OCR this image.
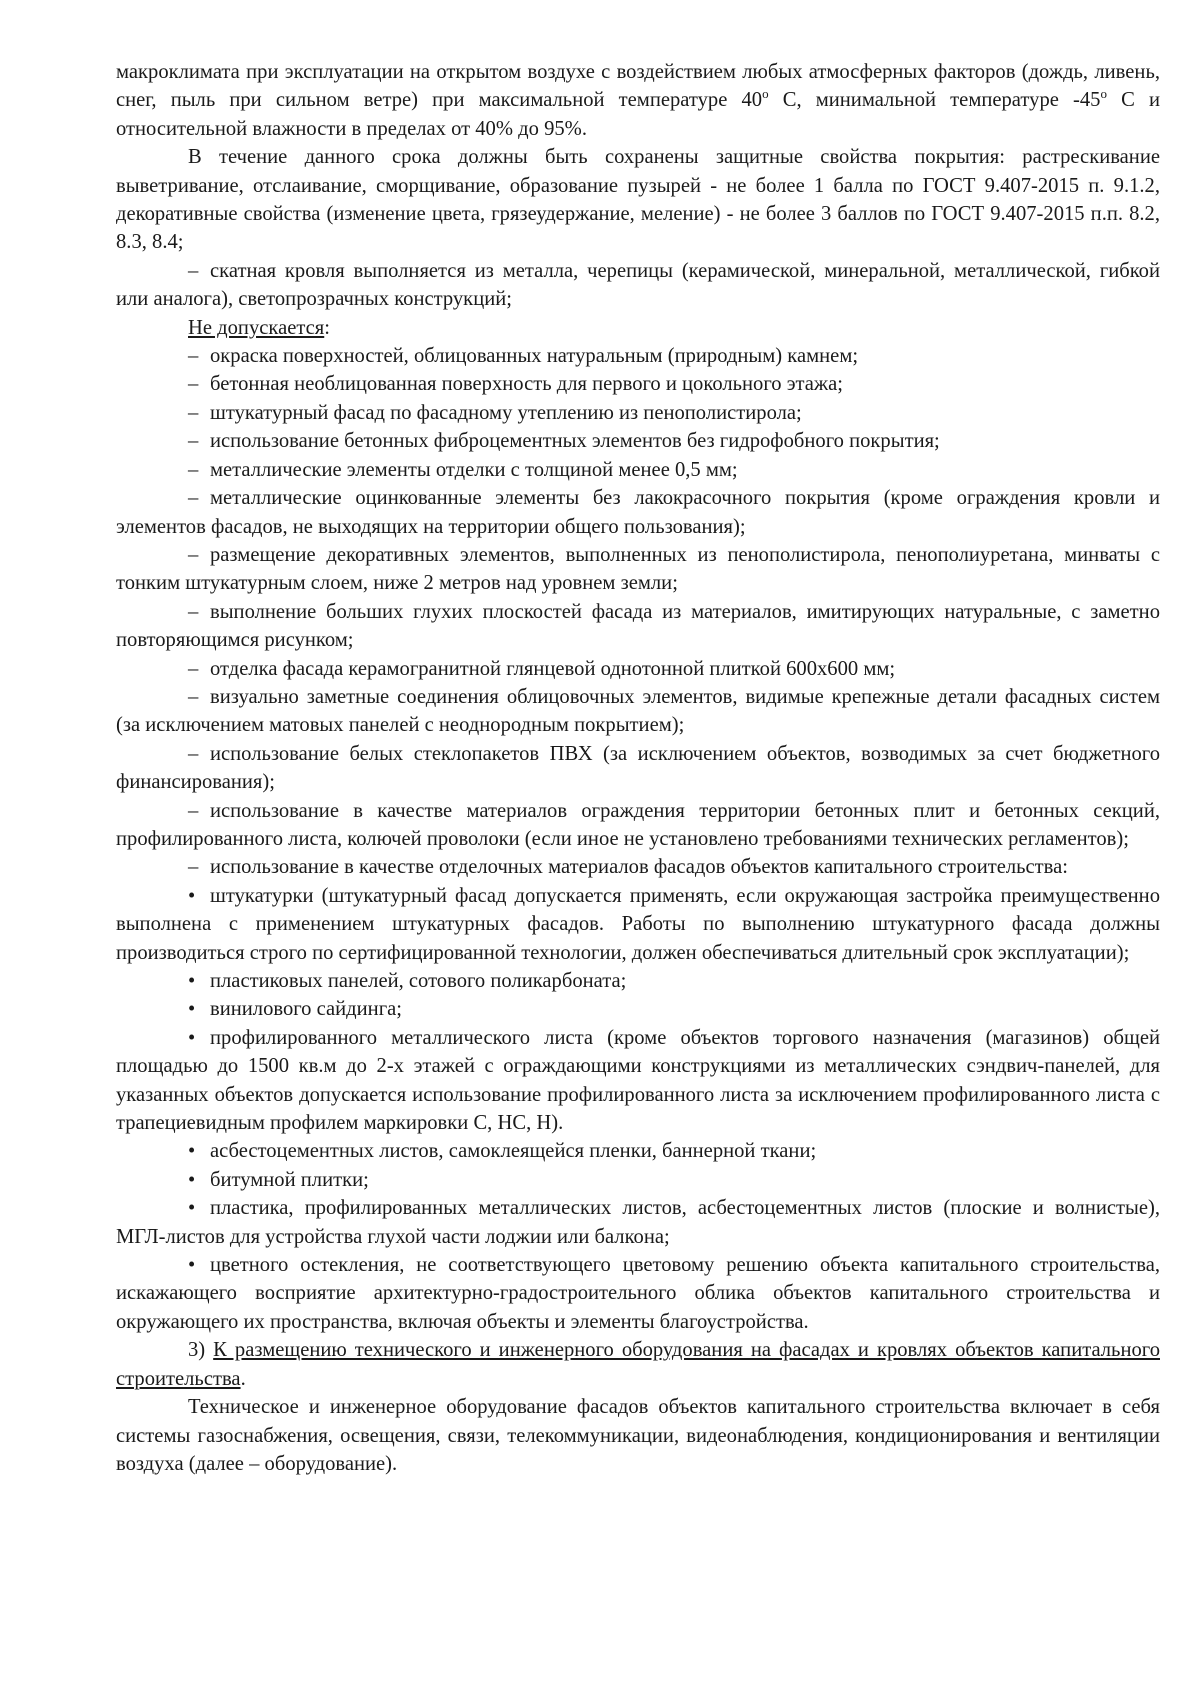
макроклимата при эксплуатации на открытом воздухе с воздействием любых атмосферных факторов (дождь, ливень, снег, пыль при сильном ветре) при максимальной температуре $40^о$ С, минимальной температуре $-45^о$ С и относительной влажности в пределах от 40% до 95%.

В течение данного срока должны быть сохранены защитные свойства покрытия: растрескивание выветривание, отслаивание, сморщивание, образование пузырей - не более 1 балла по ГОСТ 9.407-2015 п. 9.1.2, декоративные свойства (изменение цвета, грязеудержание, меление) - не более 3 баллов по ГОСТ 9.407-2015 п.п. 8.2, 8.3, 8.4;

– скатная кровля выполняется из металла, черепицы (керамической, минеральной, металлической, гибкой или аналога), светопрозрачных конструкций;

Не допускается:

– окраска поверхностей, облицованных натуральным (природным) камнем;

– бетонная необлицованная поверхность для первого и цокольного этажа;

– штукатурный фасад по фасадному утеплению из пенополистирола;

– использование бетонных фиброцементных элементов без гидрофобного покрытия;

– металлические элементы отделки с толщиной менее 0,5 мм;

– металлические оцинкованные элементы без лакокрасочного покрытия (кроме ограждения кровли и элементов фасадов, не выходящих на территории общего пользования);

– размещение декоративных элементов, выполненных из пенополистирола, пенополиуретана, минваты с тонким штукатурным слоем, ниже 2 метров над уровнем земли;

– выполнение больших глухих плоскостей фасада из материалов, имитирующих натуральные, с заметно повторяющимся рисунком;

– отделка фасада керамогранитной глянцевой однотонной плиткой 600х600 мм;

– визуально заметные соединения облицовочных элементов, видимые крепежные детали фасадных систем (за исключением матовых панелей с неоднородным покрытием);

– использование белых стеклопакетов ПВХ (за исключением объектов, возводимых за счет бюджетного финансирования);

– использование в качестве материалов ограждения территории бетонных плит и бетонных секций, профилированного листа, колючей проволоки (если иное не установлено требованиями технических регламентов);

– использование в качестве отделочных материалов фасадов объектов капитального строительства:

• штукатурки (штукатурный фасад допускается применять, если окружающая застройка преимущественно выполнена с применением штукатурных фасадов. Работы по выполнению штукатурного фасада должны производиться строго по сертифицированной технологии, должен обеспечиваться длительный срок эксплуатации);

• пластиковых панелей, сотового поликарбоната;

• винилового сайдинга;

• профилированного металлического листа (кроме объектов торгового назначения (магазинов) общей площадью до 1500 кв.м до 2-х этажей с ограждающими конструкциями из металлических сэндвич-панелей, для указанных объектов допускается использование профилированного листа за исключением профилированного листа с трапециевидным профилем маркировки С, НС, Н).

• асбестоцементных листов, самоклеящейся пленки, баннерной ткани;

• битумной плитки;

• пластика, профилированных металлических листов, асбестоцементных листов (плоские и волнистые), МГЛ-листов для устройства глухой части лоджии или балкона;

• цветного остекления, не соответствующего цветовому решению объекта капитального строительства, искажающего восприятие архитектурно-градостроительного облика объектов капитального строительства и окружающего их пространства, включая объекты и элементы благоустройства.

3) К размещению технического и инженерного оборудования на фасадах и кровлях объектов капитального строительства.

Техническое и инженерное оборудование фасадов объектов капитального строительства включает в себя системы газоснабжения, освещения, связи, телекоммуникации, видеонаблюдения, кондиционирования и вентиляции воздуха (далее – оборудование).
